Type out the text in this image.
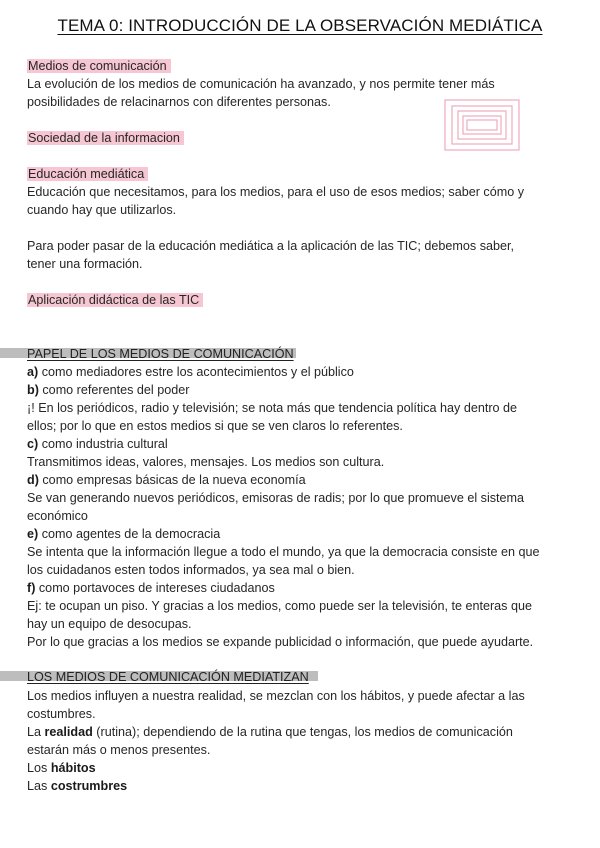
TEMA 0: INTRODUCCIÓN DE LA OBSERVACIÓN MEDIÁTICA
Medios de comunicación
La evolución de los medios de comunicación ha avanzado, y nos permite tener más
posibilidades de relacinarnos con diferentes personas.
Sociedad de la informacion
Educación mediática
Educación que necesitamos, para los medios, para el uso de esos medios; saber cómo y
cuando hay que utilizarlos.
Para poder pasar de la educación mediática a la aplicación de las TIC; debemos saber,
tener una formación.
Aplicación didáctica de las TIC
PAPEL DE LOS MEDIOS DE COMUNICACIÓN
a) como mediadores estre los acontecimientos y el público
b) como referentes del poder
¡! En los periódicos, radio y televisión; se nota más que tendencia política hay dentro de
ellos; por lo que en estos medios si que se ven claros lo referentes.
c) como industria cultural
Transmitimos ideas, valores, mensajes. Los medios son cultura.
d) como empresas básicas de la nueva economía
Se van generando nuevos periódicos, emisoras de radis; por lo que promueve el sistema
económico
e) como agentes de la democracia
Se intenta que la información llegue a todo el mundo, ya que la democracia consiste en que
los cuidadanos esten todos informados, ya sea mal o bien.
f) como portavoces de intereses ciudadanos
Ej: te ocupan un piso. Y gracias a los medios, como puede ser la televisión, te enteras que
hay un equipo de desocupas.
Por lo que gracias a los medios se expande publicidad o información, que puede ayudarte.
LOS MEDIOS DE COMUNICACIÓN MEDIATIZAN
Los medios influyen a nuestra realidad, se mezclan con los hábitos, y puede afectar a las
costumbres.
La realidad (rutina); dependiendo de la rutina que tengas, los medios de comunicación
estarán más o menos presentes.
Los hábitos
Las costrumbres
